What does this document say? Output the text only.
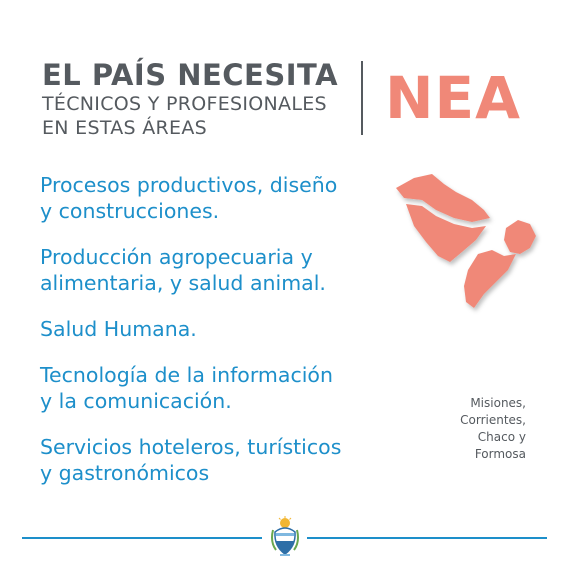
EL PAÍS NECESITA
TÉCNICOS Y PROFESIONALES
EN ESTAS ÁREAS	NEA
Procesos productivos, diseño
y construcciones.
Producción agropecuaria y
alimentaria, y salud animal.
Salud Humana.
Tecnología de la información
y la comunicación.
Servicios hoteleros, turísticos
y gastronómicos
Misiones,
Corrientes,
Chaco y
Formosa
